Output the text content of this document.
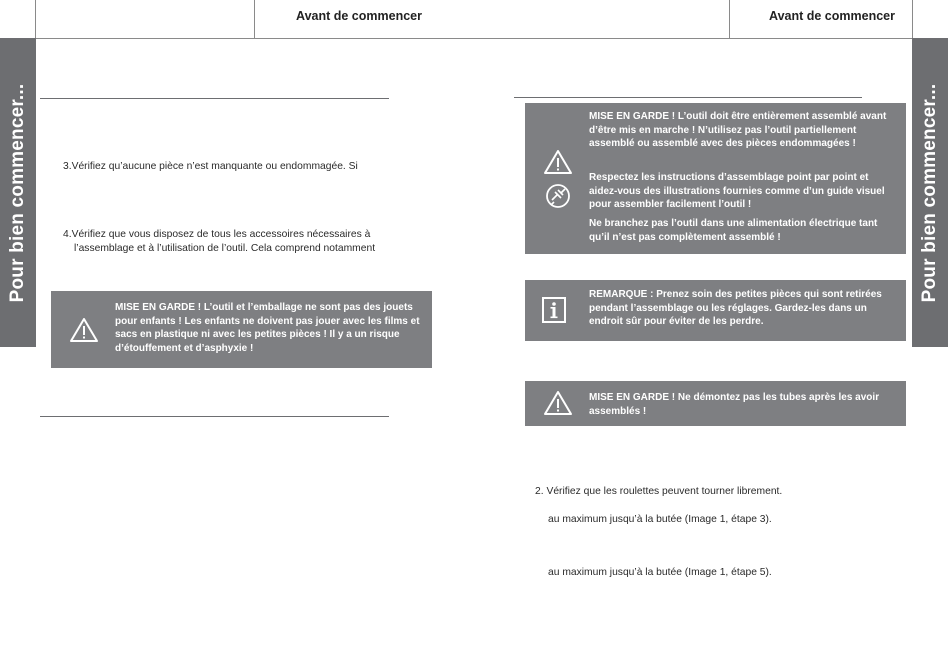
Avant de commencer	Avant de commencer
Pour bien commencer...	Pour bien commencer...
3.Vérifiez qu’aucune pièce n’est manquante ou endommagée. Si
4.Vérifiez que vous disposez de tous les accessoires nécessaires à
l’assemblage et à l’utilisation de l’outil. Cela comprend notamment

MISE EN GARDE ! L’outil et l’emballage ne sont pas des jouets pour enfants ! Les enfants ne doivent pas jouer avec les films et sacs en plastique ni avec les petites pièces ! Il y a un risque d’étouffement et d’asphyxie !

MISE EN GARDE ! L’outil doit être entièrement assemblé avant d’être mis en marche ! N’utilisez pas l’outil partiellement assemblé ou assemblé avec des pièces endommagées !

Respectez les instructions d’assemblage point par point et aidez-vous des illustrations fournies comme d’un guide visuel pour assembler facilement l’outil !

Ne branchez pas l’outil dans une alimentation électrique tant qu’il n’est pas complètement assemblé !

REMARQUE : Prenez soin des petites pièces qui sont retirées pendant l’assemblage ou les réglages. Gardez-les dans un endroit sûr pour éviter de les perdre.

MISE EN GARDE ! Ne démontez pas les tubes après les avoir assemblés !

2. Vérifiez que les roulettes peuvent tourner librement.
au maximum jusqu’à la butée (Image 1, étape 3).
au maximum jusqu’à la butée (Image 1, étape 5).
